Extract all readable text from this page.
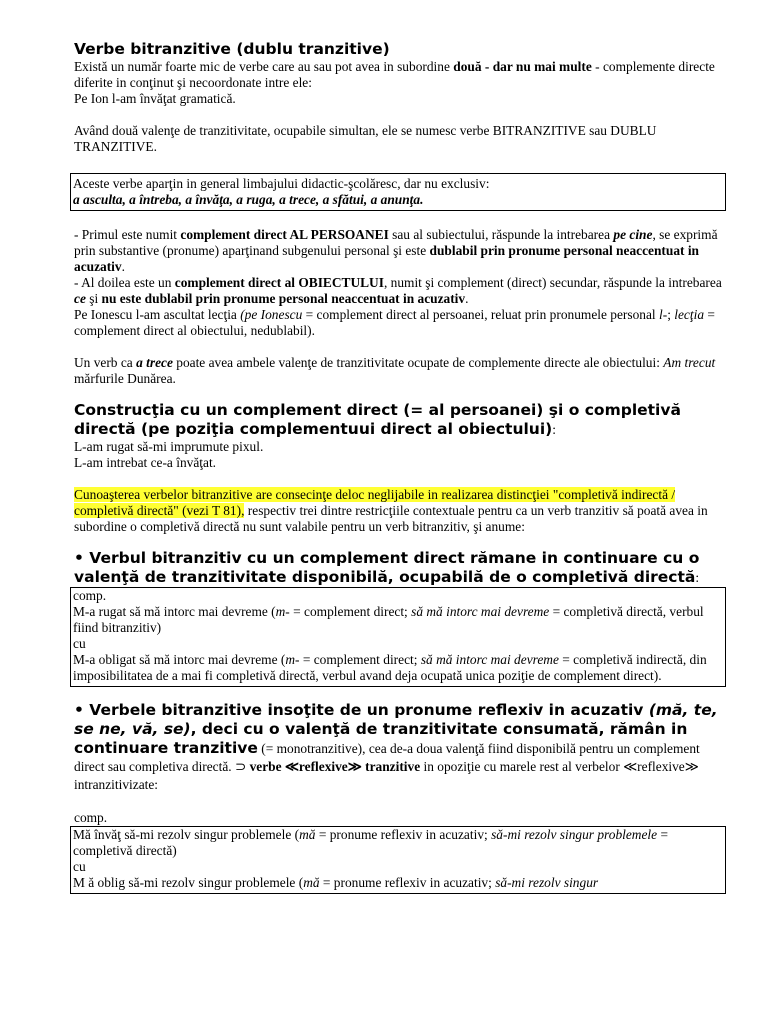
Verbe bitranzitive (dublu tranzitive)

Există un număr foarte mic de verbe care au sau pot avea in subordine două - dar nu mai multe - complemente directe diferite in conţinut şi necoordonate intre ele:

Pe Ion l-am învăţat gramatică.

Având două valenţe de tranzitivitate, ocupabile simultan, ele se numesc verbe BITRANZITIVE sau DUBLU TRANZITIVE.

Aceste verbe aparţin in general limbajului didactic-şcolăresc, dar nu exclusiv:

a asculta, a întreba, a învăţa, a ruga, a trece, a sfătui, a anunţa.

- Primul este numit complement direct AL PERSOANEI sau al subiectului, răspunde la intrebarea pe cine, se exprimă prin substantive (pronume) aparţinand subgenului personal şi este dublabil prin pronume personal neaccentuat in acuzativ.

- Al doilea este un complement direct al OBIECTULUI, numit şi complement (direct) secundar, răspunde la intrebarea ce şi nu este dublabil prin pronume personal neaccentuat in acuzativ.

Pe Ionescu l-am ascultat lecţia (pe Ionescu = complement direct al persoanei, reluat prin pronumele personal l-; lecţia = complement direct al obiectului, nedublabil).

Un verb ca a trece poate avea ambele valenţe de tranzitivitate ocupate de complemente directe ale obiectului: Am trecut mărfurile Dunărea.

Construcţia cu un complement direct (= al persoanei) şi o completivă directă (pe poziţia complementuui direct al obiectului):

L-am rugat să-mi imprumute pixul.

L-am intrebat ce-a învăţat.

Cunoaşterea verbelor bitranzitive are consecinţe deloc neglijabile in realizarea distincţiei "completivă indirectă / completivă directă" (vezi T 81), respectiv trei dintre restricţiile contextuale pentru ca un verb tranzitiv să poată avea in subordine o completivă directă nu sunt valabile pentru un verb bitranzitiv, şi anume:

• Verbul bitranzitiv cu un complement direct rămane in continuare cu o valenţă de tranzitivitate disponibilă, ocupabilă de o completivă directă:

comp.

M-a rugat să mă intorc mai devreme (m- = complement direct; să mă intorc mai devreme = completivă directă, verbul fiind bitranzitiv)

cu

M-a obligat să mă intorc mai devreme (m- = complement direct; să mă intorc mai devreme = completivă indirectă, din imposibilitatea de a mai fi completivă directă, verbul avand deja ocupată unica poziţie de complement direct).

• Verbele bitranzitive insoţite de un pronume reflexiv in acuzativ (mă, te, se ne, vă, se), deci cu o valenţă de tranzitivitate consumată, rămân in continuare tranzitive (= monotranzitive), cea de-a doua valenţă fiind disponibilă pentru un complement direct sau completiva directă. ⊃ verbe ≪reflexive≫ tranzitive in opoziţie cu marele rest al verbelor ≪reflexive≫ intranzitivizate:

comp.

Mă învăţ să-mi rezolv singur problemele (mă = pronume reflexiv in acuzativ; să-mi rezolv singur problemele = completivă directă)

cu

M ă oblig să-mi rezolv singur problemele (mă = pronume reflexiv in acuzativ; să-mi rezolv singur
